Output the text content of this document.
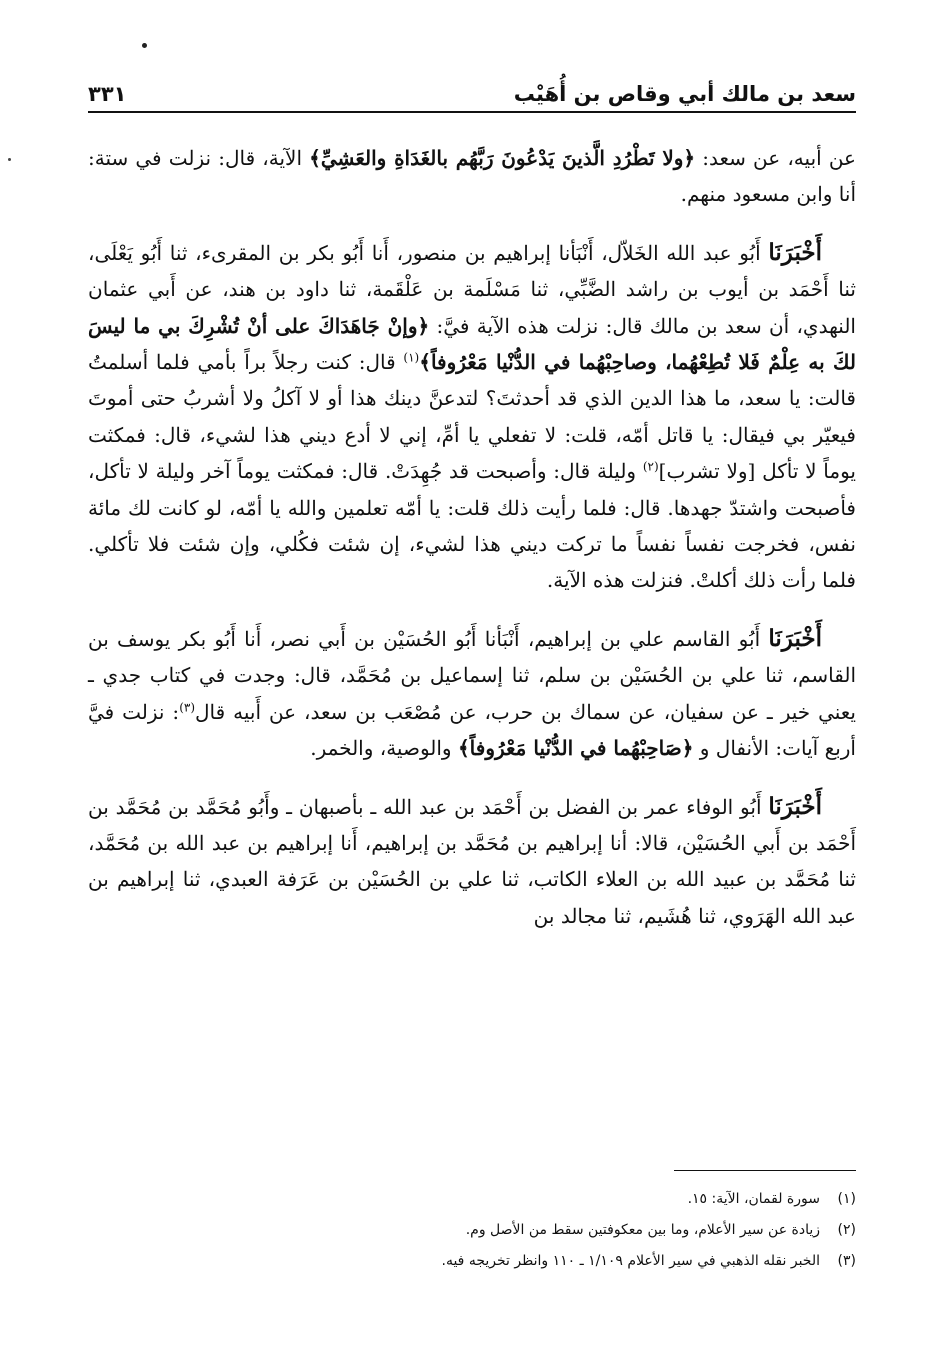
سعد بن مالك أبي وقاص بن أُهَيْب
٣٣١

عن أبيه، عن سعد: ﴿ولا تَطْرُدِ الَّذينَ يَدْعُونَ رَبَّهُم بالغَدَاةِ والعَشِيِّ﴾ الآية، قال: نزلت في ستة: أنا وابن مسعود منهم.

أَخْبَرَنَا أَبُو عبد الله الخَلاّل، أَنْبَأنا إبراهيم بن منصور، أَنا أَبُو بكر بن المقرىء، ثنا أَبُو يَعْلَى، ثنا أَحْمَد بن أيوب بن راشد الضَّبِّي، ثنا مَسْلَمة بن عَلْقَمة، ثنا داود بن هند، عن أَبي عثمان النهدي، أن سعد بن مالك قال: نزلت هذه الآية فيَّ: ﴿وإنْ جَاهَدَاكَ على أنْ تُشْرِكَ بي ما ليسَ لكَ به عِلْمٌ فَلا تُطِعْهُما، وصاحِبْهُما في الدُّنْيا مَعْرُوفاً﴾$^{(١)}$ قال: كنت رجلاً براً بأمي فلما أسلمتُ قالت: يا سعد، ما هذا الدين الذي قد أحدثتَ؟ لتدعنَّ دينك هذا أو لا آكلُ ولا أشربُ حتى أموتَ فيعيّر بي فيقال: يا قاتل أمّه، قلت: لا تفعلي يا أمِّ، إني لا أدع ديني هذا لشيء، قال: فمكثت يوماً لا تأكل [ولا تشرب]$^{(٢)}$ وليلة قال: وأصبحت قد جُهِدَتْ. قال: فمكثت يوماً آخر وليلة لا تأكل، فأصبحت واشتدّ جهدها. قال: فلما رأيت ذلك قلت: يا أمّه تعلمين والله يا أمّه، لو كانت لك مائة نفس، فخرجت نفساً نفساً ما تركت ديني هذا لشيء، إن شئت فكُلي، وإن شئت فلا تأكلي. فلما رأت ذلك أكلتْ. فنزلت هذه الآية.

أَخْبَرَنَا أَبُو القاسم علي بن إبراهيم، أَنْبَأنا أَبُو الحُسَيْن بن أَبي نصر، أَنا أَبُو بكر يوسف بن القاسم، ثنا علي بن الحُسَيْن بن سلم، ثنا إسماعيل بن مُحَمَّد، قال: وجدت في كتاب جدي ـ يعني خير ـ عن سفيان، عن سماك بن حرب، عن مُصْعَب بن سعد، عن أَبيه قال$^{(٣)}$: نزلت فيَّ أربع آيات: الأنفال و ﴿صَاحِبْهُما في الدُّنْيا مَعْرُوفاً﴾ والوصية، والخمر.

أَخْبَرَنَا أَبُو الوفاء عمر بن الفضل بن أَحْمَد بن عبد الله ـ بأصبهان ـ وأَبُو مُحَمَّد بن مُحَمَّد بن أَحْمَد بن أَبي الحُسَيْن، قالا: أنا إبراهيم بن مُحَمَّد بن إبراهيم، أَنا إبراهيم بن عبد الله بن مُحَمَّد، ثنا مُحَمَّد بن عبيد الله بن العلاء الكاتب، ثنا علي بن الحُسَيْن بن عَرَفة العبدي، ثنا إبراهيم بن عبد الله الهَرَوي، ثنا هُشَيم، ثنا مجالد بن

(١)سورة لقمان، الآية: ١٥.
(٢)زيادة عن سير الأعلام، وما بين معكوفتين سقط من الأصل وم.
(٣)الخبر نقله الذهبي في سير الأعلام ١/١٠٩ ـ ١١٠ وانظر تخريجه فيه.
